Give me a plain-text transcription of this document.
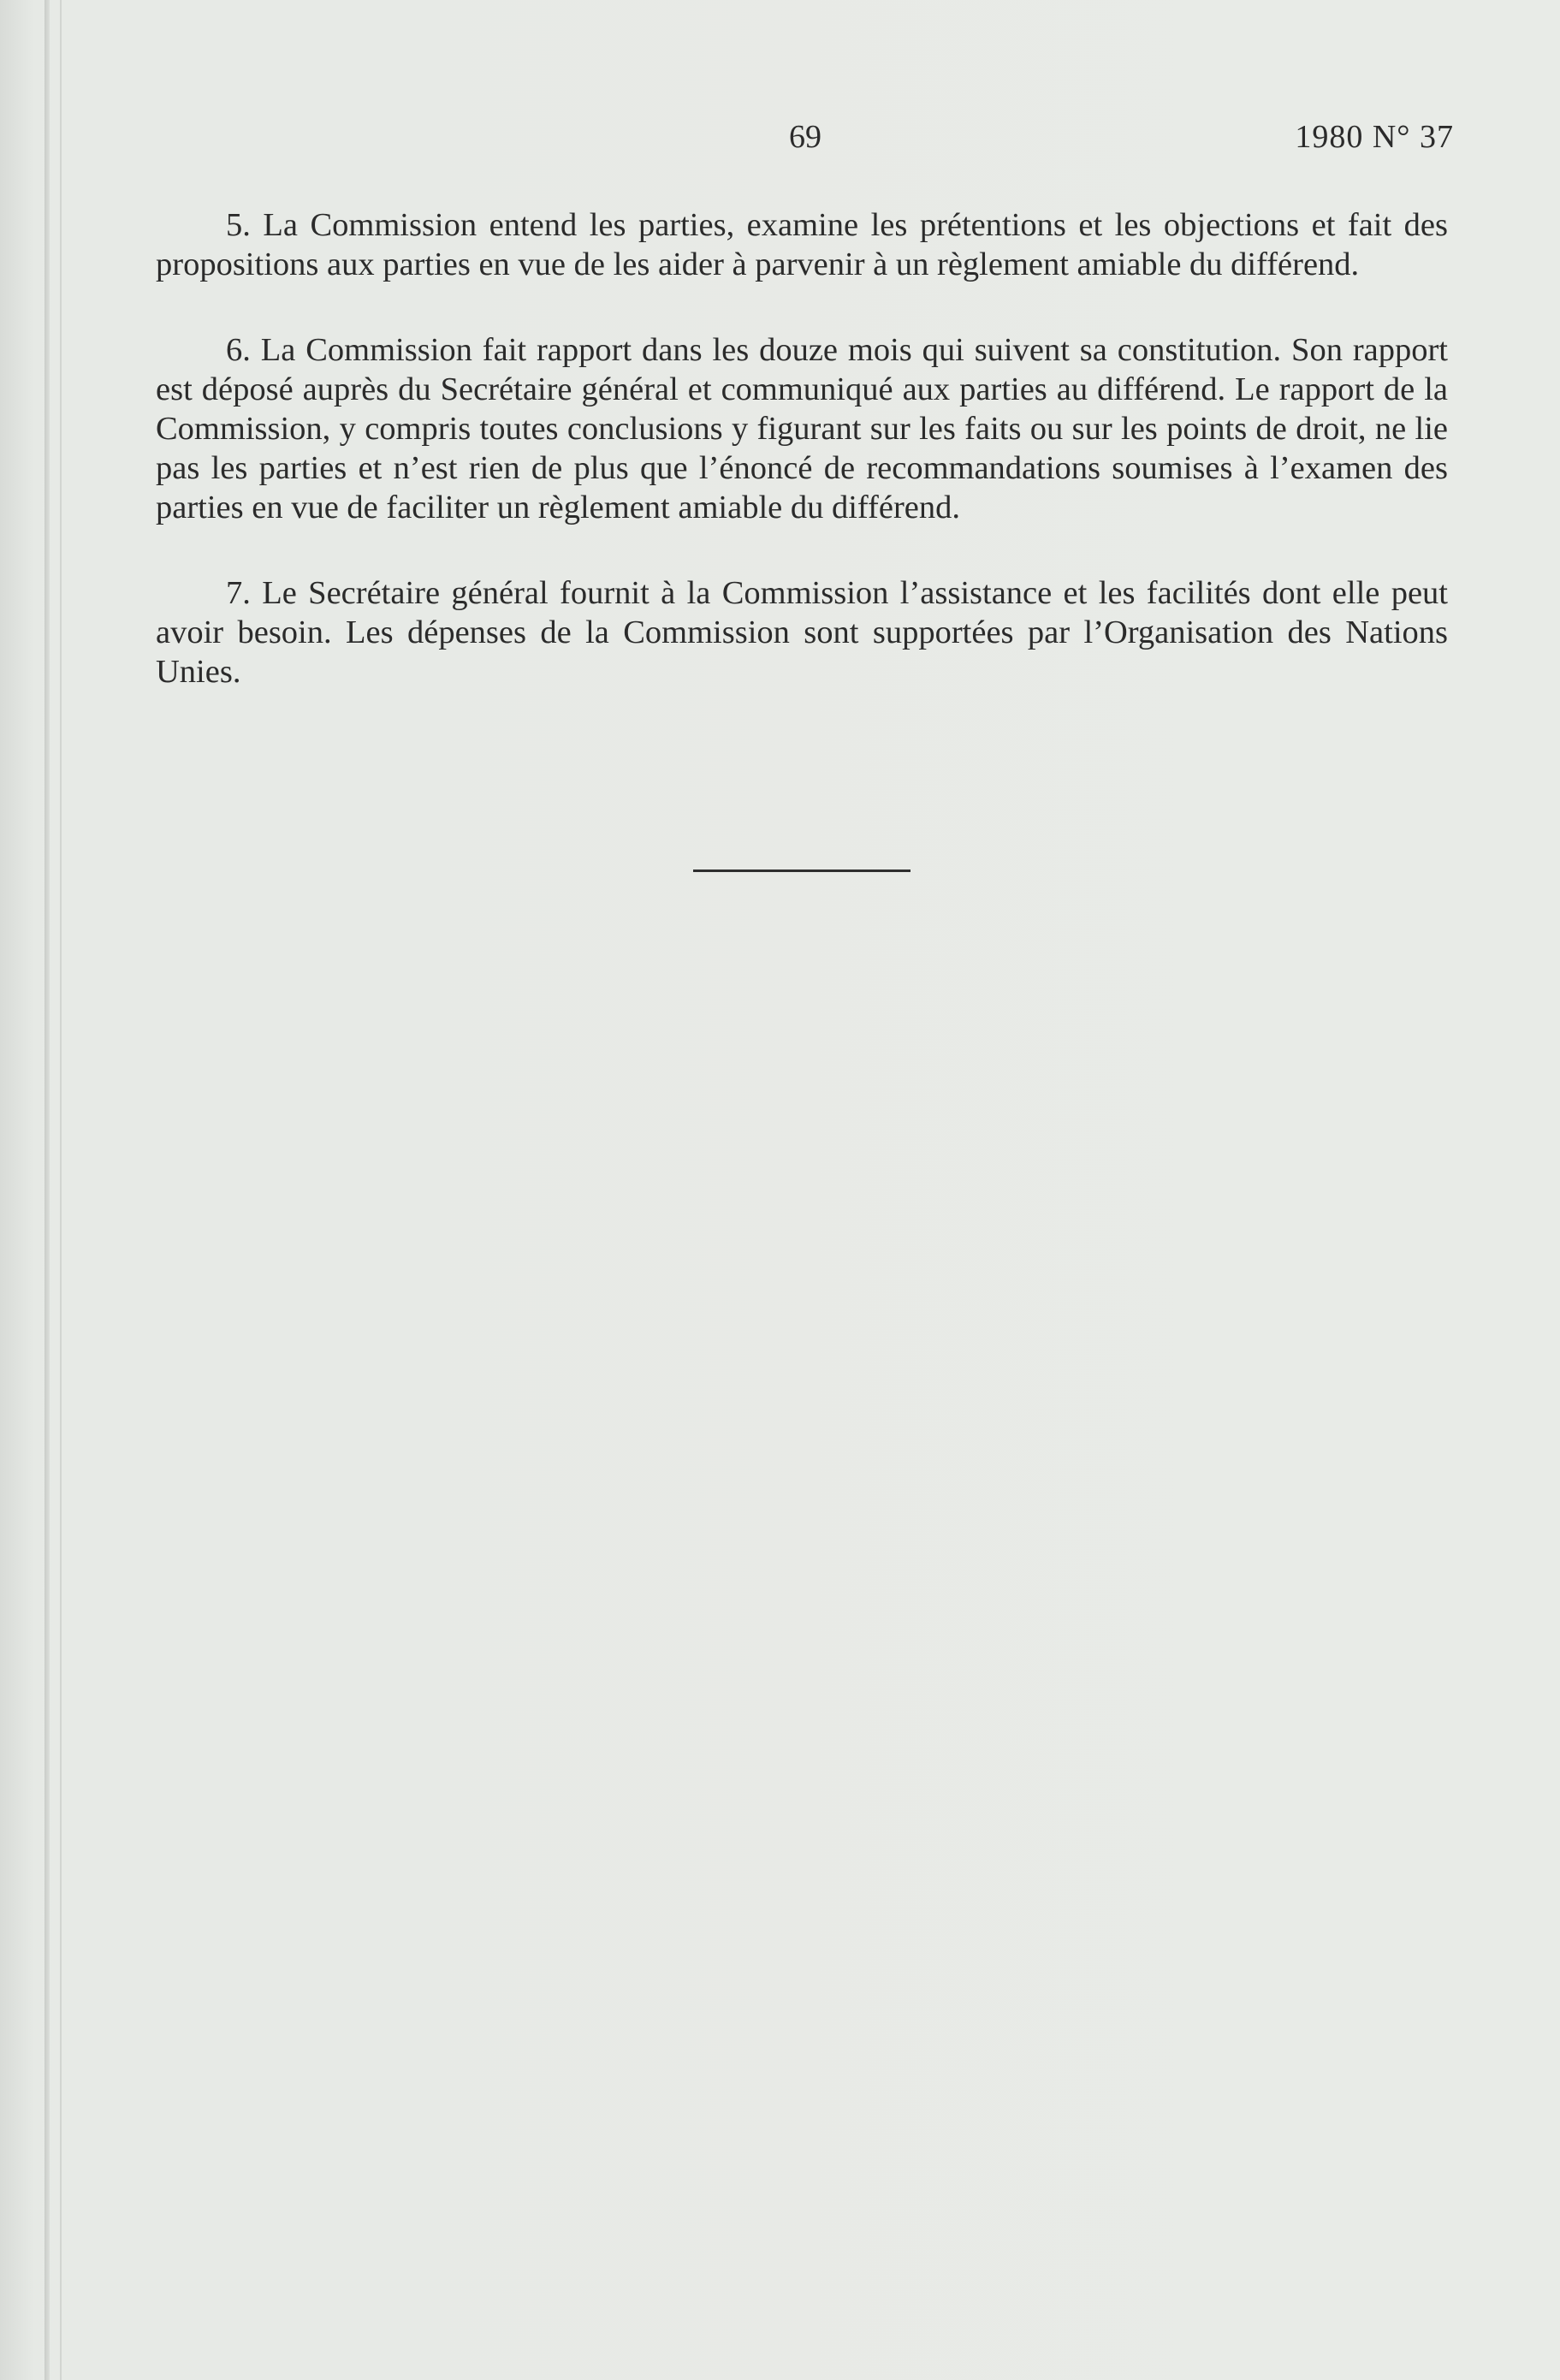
69	1980 N° 37

5. La Commission entend les parties, examine les prétentions et les objections et fait des propositions aux parties en vue de les aider à parvenir à un règlement amiable du différend.

6. La Commission fait rapport dans les douze mois qui suivent sa constitution. Son rapport est déposé auprès du Secrétaire général et communiqué aux parties au différend. Le rapport de la Commission, y compris toutes conclusions y figurant sur les faits ou sur les points de droit, ne lie pas les parties et n’est rien de plus que l’énoncé de recommandations soumises à l’examen des parties en vue de faciliter un règlement amiable du différend.

7. Le Secrétaire général fournit à la Commission l’assistance et les facilités dont elle peut avoir besoin. Les dépenses de la Commission sont supportées par l’Organisation des Nations Unies.
